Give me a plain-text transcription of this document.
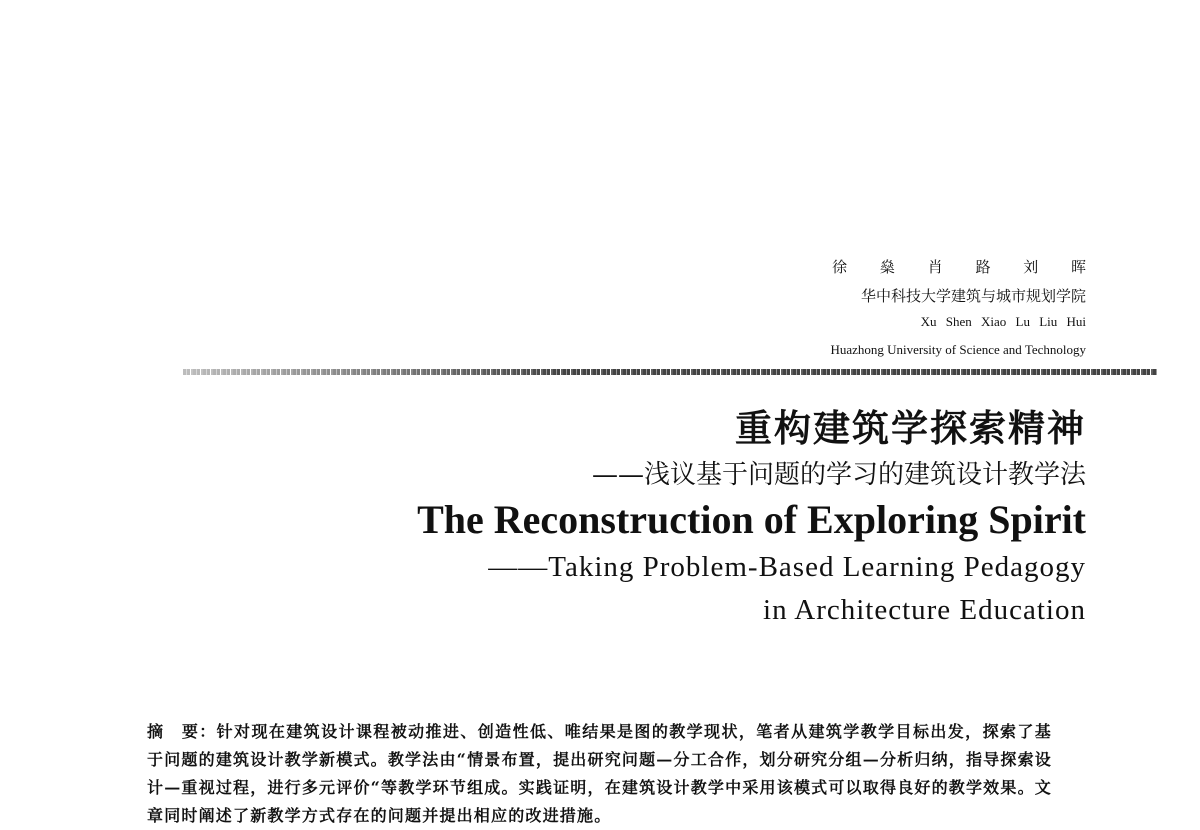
徐 燊 肖 路 刘 晖
华中科技大学建筑与城市规划学院
Xu Shen Xiao Lu Liu Hui
Huazhong University of Science and Technology
重构建筑学探索精神
——浅议基于问题的学习的建筑设计教学法
The Reconstruction of Exploring Spirit
——Taking Problem-Based Learning Pedagogy
in Architecture Education
摘　要：针对现在建筑设计课程被动推进、创造性低、唯结果是图的教学现状，笔者从建筑学教学目标出发，探索了基于问题的建筑设计教学新模式。教学法由“情景布置，提出研究问题—分工合作，划分研究分组—分析归纳，指导探索设计—重视过程，进行多元评价“等教学环节组成。实践证明，在建筑设计教学中采用该模式可以取得良好的教学效果。文章同时阐述了新教学方式存在的问题并提出相应的改进措施。
